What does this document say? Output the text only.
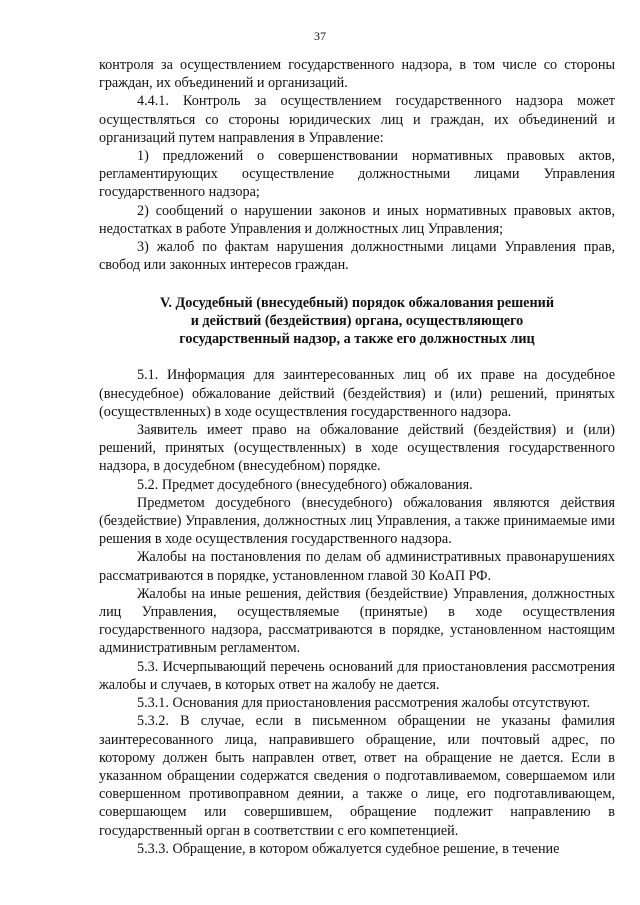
37

контроля за осуществлением государственного надзора, в том числе со стороны граждан, их объединений и организаций.

4.4.1. Контроль за осуществлением государственного надзора может осуществляться со стороны юридических лиц и граждан, их объединений и организаций путем направления в Управление:

1) предложений о совершенствовании нормативных правовых актов, регламентирующих осуществление должностными лицами Управления государственного надзора;

2) сообщений о нарушении законов и иных нормативных правовых актов, недостатках в работе Управления и должностных лиц Управления;

3) жалоб по фактам нарушения должностными лицами Управления прав, свобод или законных интересов граждан.

V. Досудебный (внесудебный) порядок обжалования решений
и действий (бездействия) органа, осуществляющего
государственный надзор, а также его должностных лиц

5.1. Информация для заинтересованных лиц об их праве на досудебное (внесудебное) обжалование действий (бездействия) и (или) решений, принятых (осуществленных) в ходе осуществления государственного надзора.

Заявитель имеет право на обжалование действий (бездействия) и (или) решений, принятых (осуществленных) в ходе осуществления государственного надзора, в досудебном (внесудебном) порядке.

5.2. Предмет досудебного (внесудебного) обжалования.

Предметом досудебного (внесудебного) обжалования являются действия (бездействие) Управления, должностных лиц Управления, а также принимаемые ими решения в ходе осуществления государственного надзора.

Жалобы на постановления по делам об административных правонарушениях рассматриваются в порядке, установленном главой 30 КоАП РФ.

Жалобы на иные решения, действия (бездействие) Управления, должностных лиц Управления, осуществляемые (принятые) в ходе осуществления государственного надзора, рассматриваются в порядке, установленном настоящим административным регламентом.

5.3. Исчерпывающий перечень оснований для приостановления рассмотрения жалобы и случаев, в которых ответ на жалобу не дается.

5.3.1. Основания для приостановления рассмотрения жалобы отсутствуют.

5.3.2. В случае, если в письменном обращении не указаны фамилия заинтересованного лица, направившего обращение, или почтовый адрес, по которому должен быть направлен ответ, ответ на обращение не дается. Если в указанном обращении содержатся сведения о подготавливаемом, совершаемом или совершенном противоправном деянии, а также о лице, его подготавливающем, совершающем или совершившем, обращение подлежит направлению в государственный орган в соответствии с его компетенцией.

5.3.3. Обращение, в котором обжалуется судебное решение, в течение
